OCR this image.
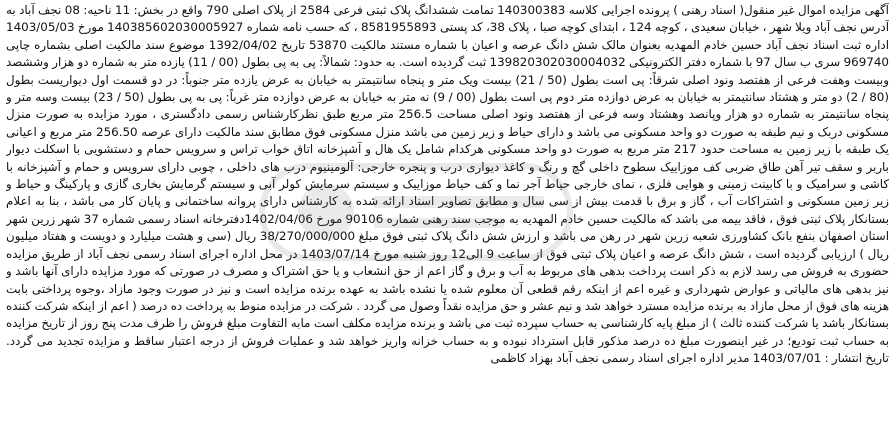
آگهی مزایده اموال غیر منقول( اسناد رهنی ) پرونده اجرایی کلاسه 140300383 تمامت ششدانگ پلاک ثبتی فرعی 2584 از پلاک اصلی 790 واقع در بخش: 11 ناحیه: 08 نجف آباد به آدرس نجف آباد ویلا شهر ، خیابان سعیدی ، کوچه 124 ، ابتدای کوچه صبا ، پلاک 38، کد پستی 8581955893 ، که حسب نامه شماره 140385602030005927 مورخ 1403/05/03 اداره ثبت اسناد نجف آباد حسین خادم المهدیه بعنوان مالک شش دانگ عرصه و اعیان با شماره مستند مالکیت 53870 تاریخ 1392/04/02 موضوع سند مالکیت اصلی بشماره چاپی 969740 سری ب سال 97 با شماره دفتر الکترونیکی 139820302030004032 ثبت گردیده است. به حدود: شمالاً: پی به پی بطول (00 / 11) یازده متر به شماره دو هزار وششصد وبیست وهفت فرعی از هفتصد ونود اصلی شرقاً: پی است بطول (50 / 21) بیست ویک متر و پنجاه سانتیمتر به خیابان به عرض یازده متر جنوباً: در دو قسمت اول دیواریست بطول (80 / 2) دو متر و هشتاد سانتیمتر به خیابان به عرض دوازده متر دوم پی است بطول (00 / 9) نه متر به خیابان به عرض دوازده متر غرباً: پی به پی بطول (50 / 23) بیست وسه متر و پنجاه سانتیمتر به شماره دو هزار وپانصد وهشتاد وسه فرعی از هفتصد ونود اصلی مساحت 256.5 متر مربع طبق نظرکارشناس رسمی دادگستری ، مورد مزایده به صورت منزل مسکونی دربک و نیم طبقه به صورت دو واحد مسکونی می باشد و دارای حیاط و زیر زمین می باشد منزل مسکونی فوق مطابق سند مالکیت دارای عرصه 256.50 متر مربع و اعیانی یک طبقه با زیر زمین به مساحت حدود 217 متر مربع به صورت دو واحد مسکونی هرکدام شامل یک هال و آشپزخانه اتاق خواب تراس و سرویس حمام و دستشویی با اسکلت دیوار باربر و سقف تیر آهن طاق ضربی کف موزاییک سطوح داخلی گچ و رنگ و کاغذ دیواری درب و پنجره خارجی: آلومینیوم درب های داخلی ، چوبی دارای سرویس و حمام و آشپزخانه با کاشی و سرامیک و با کابینت زمینی و هوایی فلزی ، نمای خارجی حیاط آجر نما و کف حیاط موزاییک و سیستم سرمایش کولر آبی و سیستم گرمایش بخاری گازی و پارکینگ و حیاط و زیر زمین مسکونی و اشتراکات آب ، گاز و برق با قدمت بیش از سی سال و مطابق تصاویر اسناد ارائه شده به کارشناس دارای پروانه ساختمانی و پایان کار می باشد ، بنا به اعلام بستانکار پلاک ثبتی فوق ، فاقد بیمه می باشد که مالکیت حسین خادم المهدیه به موجب سند رهنی شماره 90106 مورخ 1402/04/06دفترخانه اسناد رسمی شماره 37 شهر زرین شهر استان اصفهان بنفع بانک کشاورزی شعبه زرین شهر در رهن می باشد و ارزش شش دانگ پلاک ثبتی فوق مبلغ 38/270/000/000 ریال (سی و هشت میلیارد و دویست و هفتاد میلیون ریال ) ارزیابی گردیده است ، شش دانگ عرصه و اعیان پلاک ثبتی فوق از ساعت 9 الی12 روز شنبه مورخ 1403/07/14 در محل اداره اجرای اسناد رسمی نجف آباد از طریق مزایده حضوری به فروش می رسد لازم به ذکر است پرداخت بدهی های مربوط به آب و برق و گاز اعم از حق انشعاب و یا حق اشتراک و مصرف در صورتی که مورد مزایده دارای آنها باشد و نیز بدهی های مالیاتی و عوارض شهرداری و غیره اعم از اینکه رقم قطعی آن معلوم شده یا نشده باشد به عهده برنده مزایده است و نیز در صورت وجود مازاد ،وجوه پرداختی بابت هزینه های فوق از محل مازاد به برنده مزایده مسترد خواهد شد و نیم عشر و حق مزایده نقداً وصول می گردد . شرکت در مزایده منوط به پرداخت ده درصد ( اعم از اینکه شرکت کننده بستانکار باشد یا شرکت کننده ثالث ) از مبلغ پایه کارشناسی به حساب سپرده ثبت می باشد و برنده مزایده مکلف است مابه التفاوت مبلغ فروش را ظرف مدت پنج روز از تاریخ مزایده به حساب ثبت تودیع؛ در غیر اینصورت مبلغ ده درصد مذکور قابل استرداد نبوده و به حساب خزانه واریز خواهد شد و عملیات فروش از درجه اعتبار ساقط و مزایده تجدید می گردد. تاریخ انتشار : 1403/07/01 مدیر اداره اجرای اسناد رسمی نجف آباد بهزاد کاظمی
